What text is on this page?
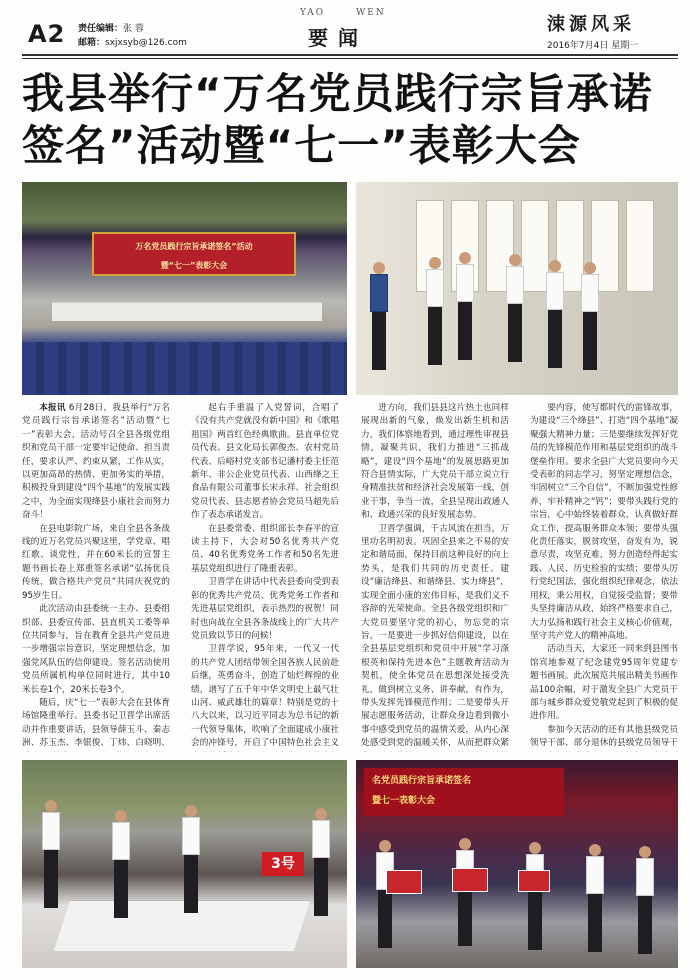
A2 责任编辑：张 蓉
邮箱：sxjxsyb@126.com
YAO	WEN
要闻
涑源风采
2016年7月4日 星期一
我县举行“万名党员践行宗旨承诺
签名”活动暨“七一”表彰大会
万名党员践行宗旨承诺签名”活动
暨“七一”表彰大会

本报讯 6月28日，我县举行“万名党员践行宗旨承诺签名”活动暨“七一”表彰大会，活动号召全县各级党组织和党员干部一定要牢记使命、担当责任，要求认严、约束从紧，工作从实，以更加高昂的热情、更加务实的举措，积极投身到建设“四个基地”的发展实践之中，为全面实现绛县小康社会而努力奋斗！

在县电影院广场，来自全县各条战线的近万名党员兴聚这里，学党章、唱红歌、谈党性，并在60米长的宣誓主题书画长卷上郑重签名承诺“弘扬优良传统，做合格共产党员”共同庆祝党的95岁生日。

此次活动由县委统一主办、县委组织部、县委宣传部、县直机关工委等单位共同参与，旨在教育全县共产党员进一步增强宗旨意识，坚定理想信念，加强党风队伍的信仰建设。签名活动使用党员所属机构单位同时进行，其中10米长卷1个，20米长卷3个。

随后，庆“七一”表彰大会在县体育场馆隆重举行。县委书记卫晋学出席活动并作重要讲话，县领导薛玉斗、秦志洲、苏玉杰、李银俊、丁炜、白晓明、

起右手重温了入党誓词，合唱了《没有共产党就没有新中国》和《歌唱祖国》两首红色经典歌曲。县直单位党员代表、县文化局长郭俊杰、农村党员代表、后峪村党支部书记潘村委主任范新年、非公企业党员代表、山西绛之王食品有限公司董事长宋永祥、社会组织党员代表、县志愿者协会党员马超先后作了表态承诺发言。

在县委常委、组织部长李春平的宣读主持下，大会对50名优秀共产党员、40名优秀党务工作者和50名先进基层党组织进行了隆重表彰。

卫晋学在讲话中代表县委向受到表彰的优秀共产党员、优秀党务工作者和先进基层党组织，表示热烈的祝贺！同时也向战在全县各条战线上的广大共产党员致以节日的问候！

卫晋学说，95年来，一代又一代的共产党人团结带领全国各族人民前赴后继，英勇奋斗，创造了灿烂辉煌的业绩，谱写了五千年中华文明史上最气壮山河、威武雄壮的篇章！特别是党的十八大以来，以习近平同志为总书记的新一代领导集体，吹响了全面建成小康社会的冲锋号，开启了中国特色社会主义

进方向，我们县县这片热土也同样展现出新的气象，焕发出新生机和活力，我们体察地看到，通过理性审视县情，凝聚共识，我们力推进“三抓战略”，建设“四个基地”的发展思路更加符合县情实际，广大党员干部立说立行身精准扶贫和经济社会发展第一线，创业干事，争当一流，全县呈现出政通人和、政通兴荣的良好发展态势。

卫晋学强调，千古风流在担当，万里功名明初衷。巩固全县来之不易的安定和谐局面，保持目前这种良好的向上势头，是我们共同的历史责任。建设“廉洁绛县、和谐绛县、实力绛县”，实现全面小康的宏伟目标，是我们义不容辞的光荣使命。全县各级党组织和广大党员要坚守党的初心，勿忘党的宗旨，一是要进一步抓好信仰建设，以在全县基层党组织和党员中开展“学习涤根英和保持先进本色”主题教育活动为契机，使全体党员在思想深处接受洗礼，做到树立义务、讲奉献，有作为，带头发挥先锋模范作用；二是要带头开展志愿服务活动，让群众身边看到微小事中感受到党员的温情关爱，从内心深处感受到党的温暖关怀，从而把群众紧

要内容，使写都时代的雷锋故事，为建设“三个绛县”、打造“四个基地”凝聚强大精神力量；三是要继续发挥好党员的先锋模范作用和基层党组织的战斗堡垒作用。要求全县广大党员要向今天受表彰的同志学习，努坚定理想信念，牢固树立“三个自信”，不断加强党性修养，牢补精神之“钙”；要带头践行党的宗旨，心中始终装着群众，认真做好群众工作，提高服务群众本领；要带头强化责任落实，脱贫攻坚，奋发有为，锐意尽责，攻坚克难，努力创造经得起实践、人民、历史检验的实绩；要带头厉行党纪国法，强化组织纪律观念，依法用权，秉公用权，自觉接受监督；要带头坚持廉洁从政，始终严格要求自己，大力弘扬和践行社会主义核心价值观，坚守共产党人的精神高地。

活动当天，大家还一同来到县图书馆宾地参观了纪念建党95周年党建专题书画展。此次展览共展出精美书画作品100余幅，对于激发全县广大党员干部与城乡群众爱党敬党起到了积极的促进作用。

参加今天活动的还有其他县级党员领导干部、部分退休的县级党员领导干

3号
名党员践行宗旨承诺签名
暨七一表彰大会
